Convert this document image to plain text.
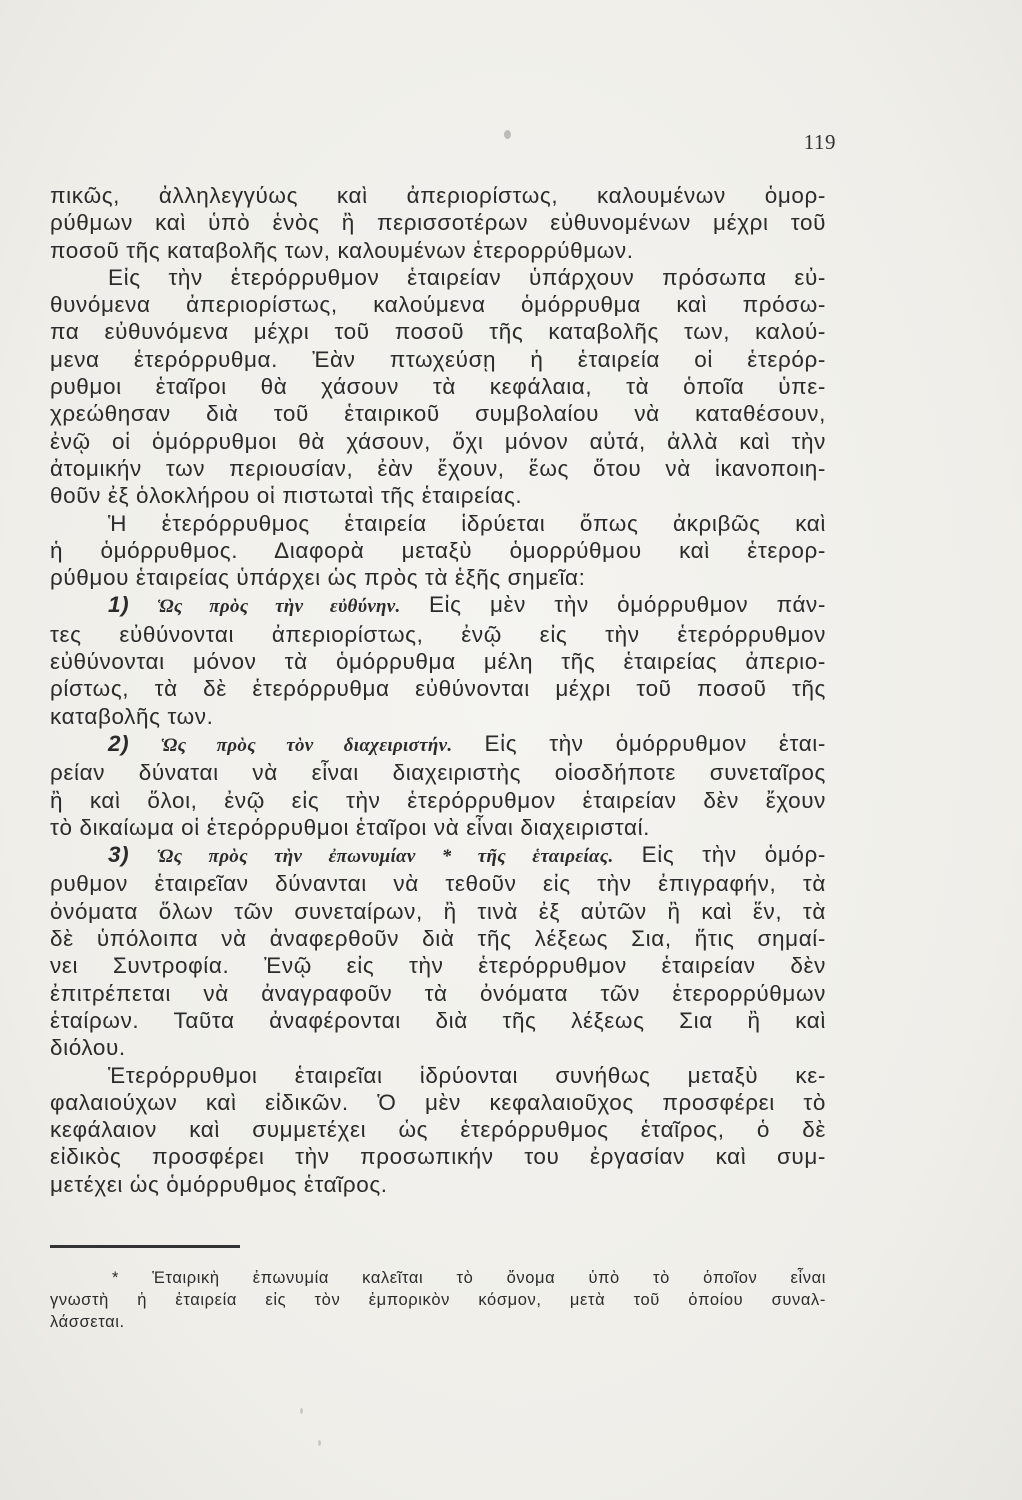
119
πικῶς, ἀλληλεγγύως καὶ ἀπεριορίστως, καλουμένων ὁμορ-
ρύθμων καὶ ὑπὸ ἑνὸς ἢ περισσοτέρων εὐθυνομένων μέχρι τοῦ
ποσοῦ τῆς καταβολῆς των, καλουμένων ἑτερορρύθμων.
Εἰς τὴν ἑτερόρρυθμον ἑταιρείαν ὑπάρχουν πρόσωπα εὐ-
θυνόμενα ἀπεριορίστως, καλούμενα ὁμόρρυθμα καὶ πρόσω-
πα εὐθυνόμενα μέχρι τοῦ ποσοῦ τῆς καταβολῆς των, καλού-
μενα ἑτερόρρυθμα. Ἐὰν πτωχεύσῃ ἡ ἑταιρεία οἱ ἑτερόρ-
ρυθμοι ἑταῖροι θὰ χάσουν τὰ κεφάλαια, τὰ ὁποῖα ὑπε-
χρεώθησαν διὰ τοῦ ἑταιρικοῦ συμβολαίου νὰ καταθέσουν,
ἐνῷ οἱ ὁμόρρυθμοι θὰ χάσουν, ὄχι μόνον αὐτά, ἀλλὰ καὶ τὴν
ἀτομικήν των περιουσίαν, ἐὰν ἔχουν, ἕως ὅτου νὰ ἱκανοποιη-
θοῦν ἐξ ὁλοκλήρου οἱ πιστωταὶ τῆς ἑταιρείας.
Ἡ ἑτερόρρυθμος ἑταιρεία ἱδρύεται ὅπως ἀκριβῶς καὶ
ἡ ὁμόρρυθμος. Διαφορὰ μεταξὺ ὁμορρύθμου καὶ ἑτερορ-
ρύθμου ἑταιρείας ὑπάρχει ὡς πρὸς τὰ ἑξῆς σημεῖα:
1) Ὡς πρὸς τὴν εὐθύνην. Εἰς μὲν τὴν ὁμόρρυθμον πάν-
τες εὐθύνονται ἀπεριορίστως, ἐνῷ εἰς τὴν ἑτερόρρυθμον
εὐθύνονται μόνον τὰ ὁμόρρυθμα μέλη τῆς ἑταιρείας ἀπεριο-
ρίστως, τὰ δὲ ἑτερόρρυθμα εὐθύνονται μέχρι τοῦ ποσοῦ τῆς
καταβολῆς των.
2) Ὡς πρὸς τὸν διαχειριστήν. Εἰς τὴν ὁμόρρυθμον ἑται-
ρείαν δύναται νὰ εἶναι διαχειριστὴς οἱοσδήποτε συνεταῖρος
ἢ καὶ ὅλοι, ἐνῷ εἰς τὴν ἑτερόρρυθμον ἑταιρείαν δὲν ἔχουν
τὸ δικαίωμα οἱ ἑτερόρρυθμοι ἑταῖροι νὰ εἶναι διαχειρισταί.
3) Ὡς πρὸς τὴν ἐπωνυμίαν * τῆς ἑταιρείας. Εἰς τὴν ὁμόρ-
ρυθμον ἑταιρεῖαν δύνανται νὰ τεθοῦν εἰς τὴν ἐπιγραφήν, τὰ
ὀνόματα ὅλων τῶν συνεταίρων, ἢ τινὰ ἐξ αὐτῶν ἢ καὶ ἕν, τὰ
δὲ ὑπόλοιπα νὰ ἀναφερθοῦν διὰ τῆς λέξεως Σια, ἥτις σημαί-
νει Συντροφία. Ἐνῷ εἰς τὴν ἑτερόρρυθμον ἑταιρείαν δὲν
ἐπιτρέπεται νὰ ἀναγραφοῦν τὰ ὀνόματα τῶν ἑτερορρύθμων
ἑταίρων. Ταῦτα ἀναφέρονται διὰ τῆς λέξεως Σια ἢ καὶ
διόλου.
Ἑτερόρρυθμοι ἑταιρεῖαι ἱδρύονται συνήθως μεταξὺ κε-
φαλαιούχων καὶ εἰδικῶν. Ὁ μὲν κεφαλαιοῦχος προσφέρει τὸ
κεφάλαιον καὶ συμμετέχει ὡς ἑτερόρρυθμος ἑταῖρος, ὁ δὲ
εἰδικὸς προσφέρει τὴν προσωπικήν του ἐργασίαν καὶ συμ-
μετέχει ὡς ὁμόρρυθμος ἑταῖρος.
* Ἑταιρικὴ ἐπωνυμία καλεῖται τὸ ὄνομα ὑπὸ τὸ ὁποῖον εἶναι
γνωστὴ ἡ ἑταιρεία εἰς τὸν ἐμπορικὸν κόσμον, μετὰ τοῦ ὁποίου συναλ-
λάσσεται.
